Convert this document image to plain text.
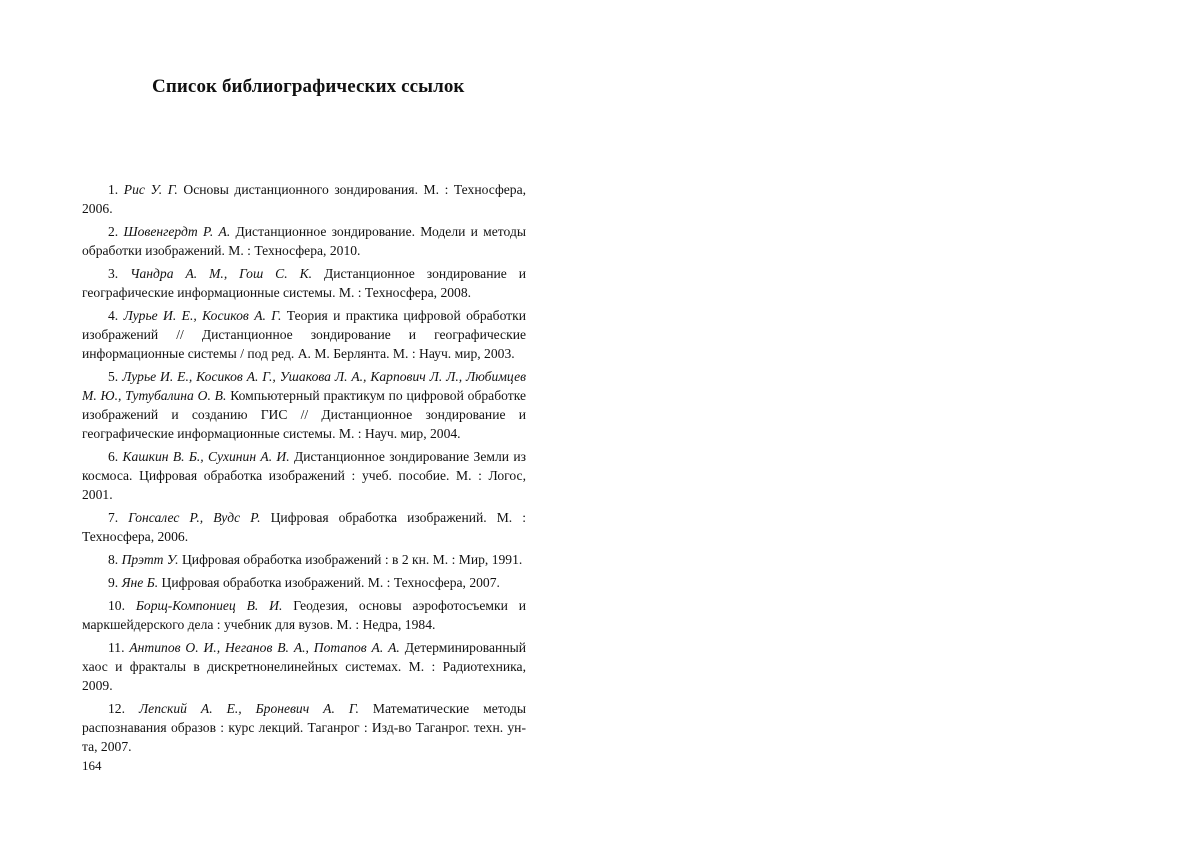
Список библиографических ссылок

1. Рис У. Г. Основы дистанционного зондирования. М. : Техносфера, 2006.

2. Шовенгердт Р. А. Дистанционное зондирование. Модели и методы обработки изображений. М. : Техносфера, 2010.

3. Чандра А. М., Гош С. К. Дистанционное зондирование и географические информационные системы. М. : Техносфера, 2008.

4. Лурье И. Е., Косиков А. Г. Теория и практика цифровой обработки изображений // Дистанционное зондирование и географические информационные системы / под ред. А. М. Берлянта. М. : Науч. мир, 2003.

5. Лурье И. Е., Косиков А. Г., Ушакова Л. А., Карпович Л. Л., Любимцев М. Ю., Тутубалина О. В. Компьютерный практикум по цифровой обработке изображений и созданию ГИС // Дистанционное зондирование и географические информационные системы. М. : Науч. мир, 2004.

6. Кашкин В. Б., Сухинин А. И. Дистанционное зондирование Земли из космоса. Цифровая обработка изображений : учеб. пособие. М. : Логос, 2001.

7. Гонсалес Р., Вудс Р. Цифровая обработка изображений. М. : Техносфера, 2006.

8. Прэтт У. Цифровая обработка изображений : в 2 кн. М. : Мир, 1991.

9. Яне Б. Цифровая обработка изображений. М. : Техносфера, 2007.

10. Борщ-Компониец В. И. Геодезия, основы аэрофотосъемки и маркшейдерского дела : учебник для вузов. М. : Недра, 1984.

11. Антипов О. И., Неганов В. А., Потапов А. А. Детерминированный хаос и фракталы в дискретнонелинейных системах. М. : Радиотехника, 2009.

12. Лепский А. Е., Броневич А. Г. Математические методы распознавания образов : курс лекций. Таганрог : Изд-во Таганрог. техн. ун-та, 2007.

164
